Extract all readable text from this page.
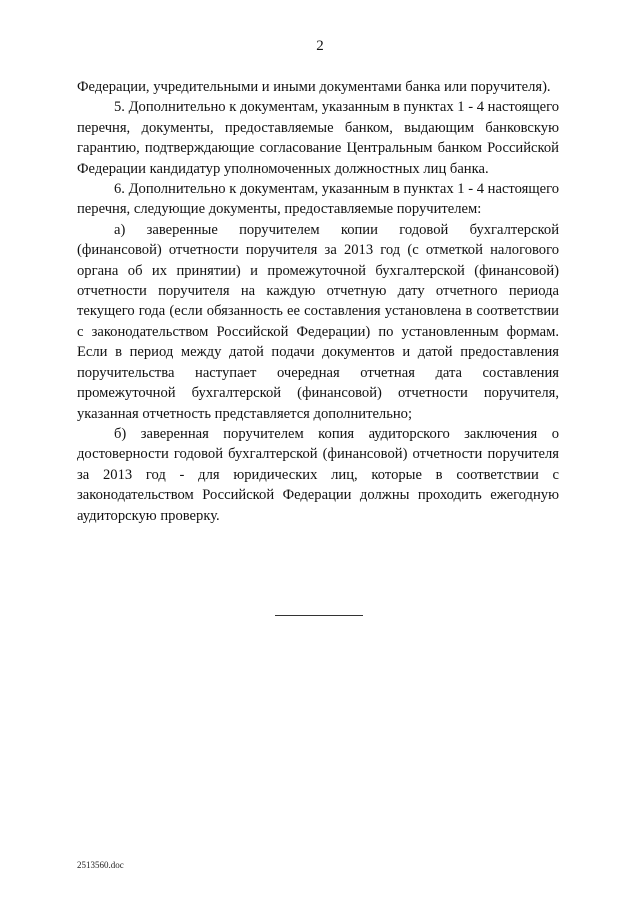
2

Федерации, учредительными и иными документами банка или поручителя).

5. Дополнительно к документам, указанным в пунктах 1 - 4 настоящего перечня, документы, предоставляемые банком, выдающим банковскую гарантию, подтверждающие согласование Центральным банком Российской Федерации кандидатур уполномоченных должностных лиц банка.

6. Дополнительно к документам, указанным в пунктах 1 - 4 настоящего перечня, следующие документы, предоставляемые поручителем:

а) заверенные поручителем копии годовой бухгалтерской (финансовой) отчетности поручителя за 2013 год (с отметкой налогового органа об их принятии) и промежуточной бухгалтерской (финансовой) отчетности поручителя на каждую отчетную дату отчетного периода текущего года (если обязанность ее составления установлена в соответствии с законодательством Российской Федерации) по установленным формам. Если в период между датой подачи документов и датой предоставления поручительства наступает очередная отчетная дата составления промежуточной бухгалтерской (финансовой) отчетности поручителя, указанная отчетность представляется дополнительно;

б) заверенная поручителем копия аудиторского заключения о достоверности годовой бухгалтерской (финансовой) отчетности поручителя за 2013 год - для юридических лиц, которые в соответствии с законодательством Российской Федерации должны проходить ежегодную аудиторскую проверку.

2513560.doc
